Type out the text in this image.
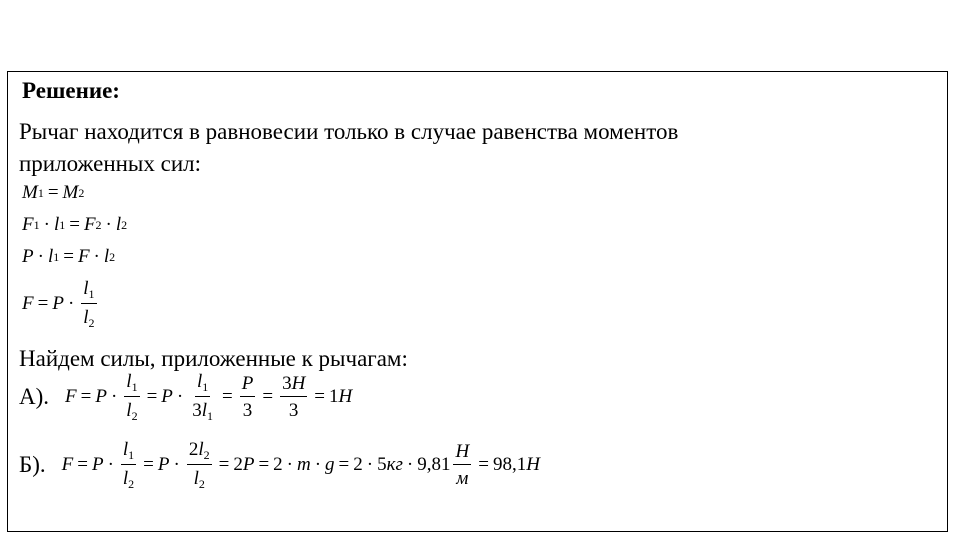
Решение:
Рычаг находится в равновесии только в случае равенства моментов
приложенных сил:
M 1 = M 2
F 1 · l 1 = F 2 · l 2
P · l 1 = F · l 2
$F = P \cdot \frac{l_1}{l_2}$
Найдем силы, приложенные к рычагам:
А). $F = P \cdot \frac{l_1}{l_2} = P \cdot \frac{l_1}{3l_1} = \frac{P}{3} = \frac{3H}{3} = 1$ H
Б). $F = P \cdot \frac{l_1}{l_2} = P \cdot \frac{2l_2}{l_2} = 2$ P = 2 · m · g = 2 · 5 кг · $9,81 \frac{H}{м} = 98,1$ H
